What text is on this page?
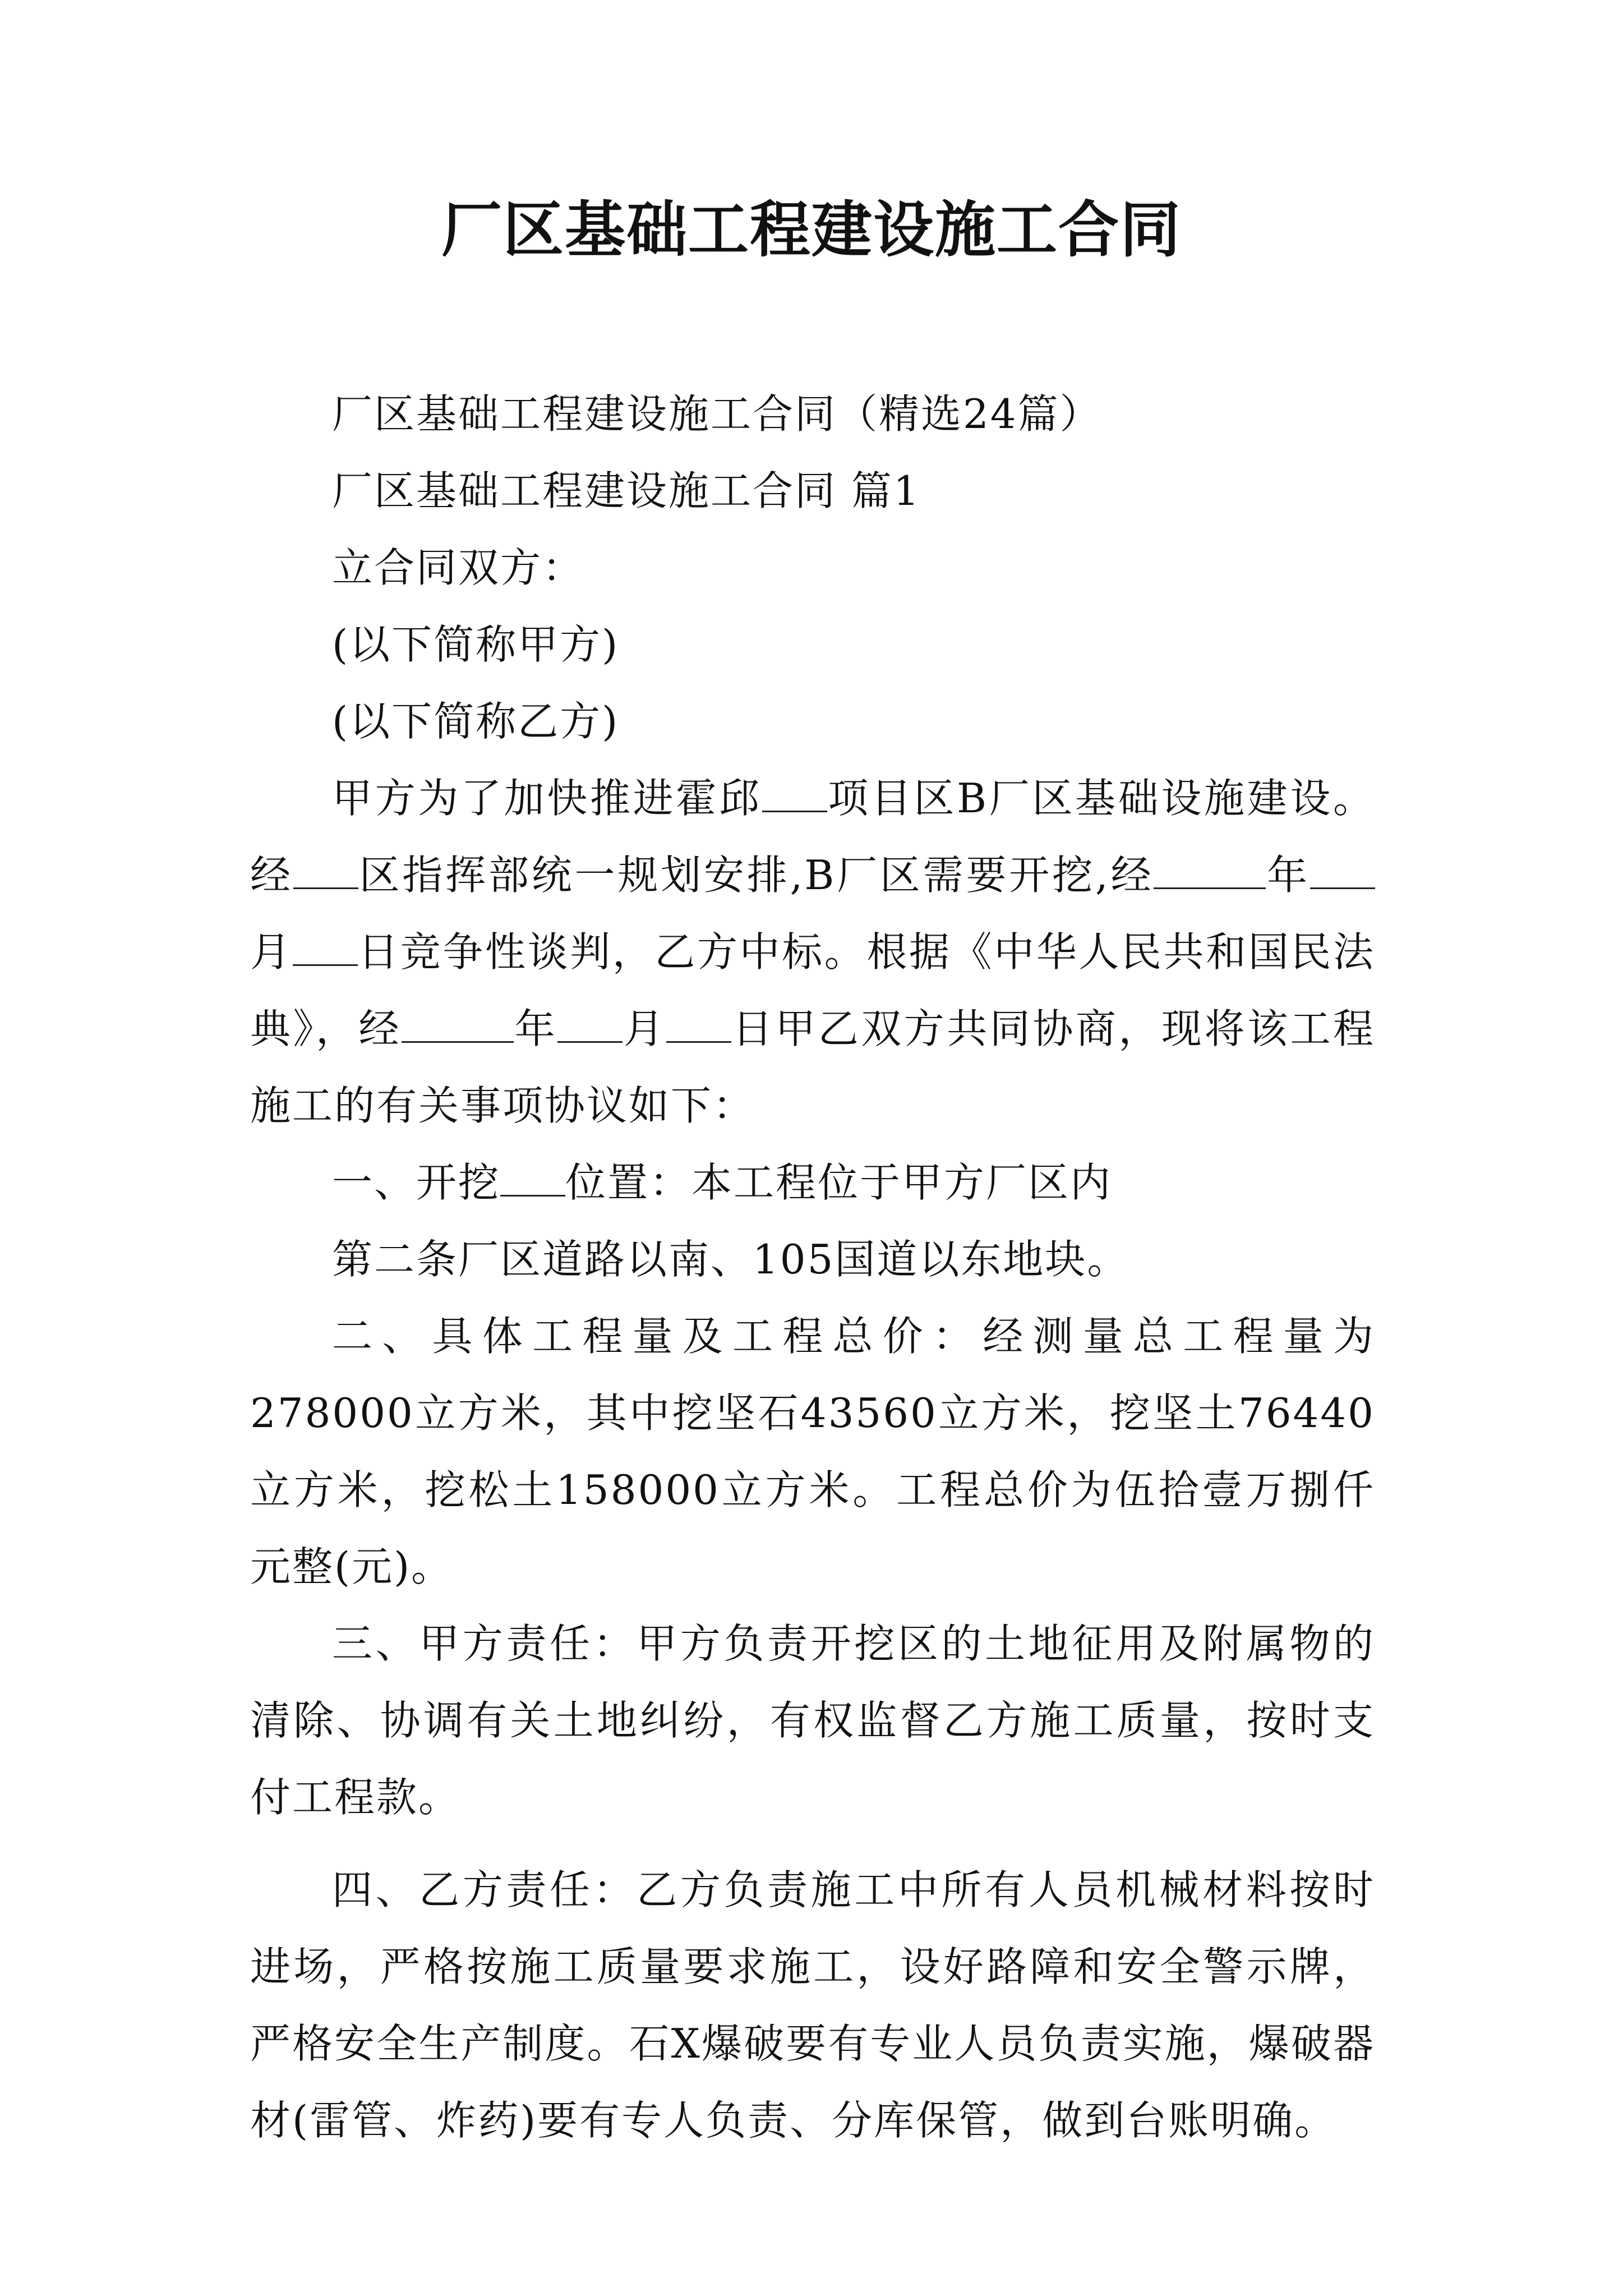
厂区基础工程建设施工合同

厂区基础工程建设施工合同（精选24篇）

厂区基础工程建设施工合同 篇1

立合同双方：

(以下简称甲方)

(以下简称乙方)

甲方为了加快推进霍邱 项目区B厂区基础设施建设。经 区指挥部统一规划安排,B厂区需要开挖,经	年月 日竞争性谈判，乙方中标。根据《中华人民共和国民法典》，经	年 月 日甲乙双方共同协商，现将该工程施工的有关事项协议如下：

一、开挖 位置：本工程位于甲方厂区内

第二条厂区道路以南、105国道以东地块。

二、具体工程量及工程总价：经测量总工程量为278000立方米，其中挖坚石43560立方米，挖坚土76440立方米，挖松土158000立方米。工程总价为伍拾壹万捌仟元整(元)。

三、甲方责任：甲方负责开挖区的土地征用及附属物的清除、协调有关土地纠纷，有权监督乙方施工质量，按时支付工程款。

四、乙方责任：乙方负责施工中所有人员机械材料按时进场，严格按施工质量要求施工，设好路障和安全警示牌，严格安全生产制度。石X爆破要有专业人员负责实施，爆破器材(雷管、炸药)要有专人负责、分库保管，做到台账明确。
